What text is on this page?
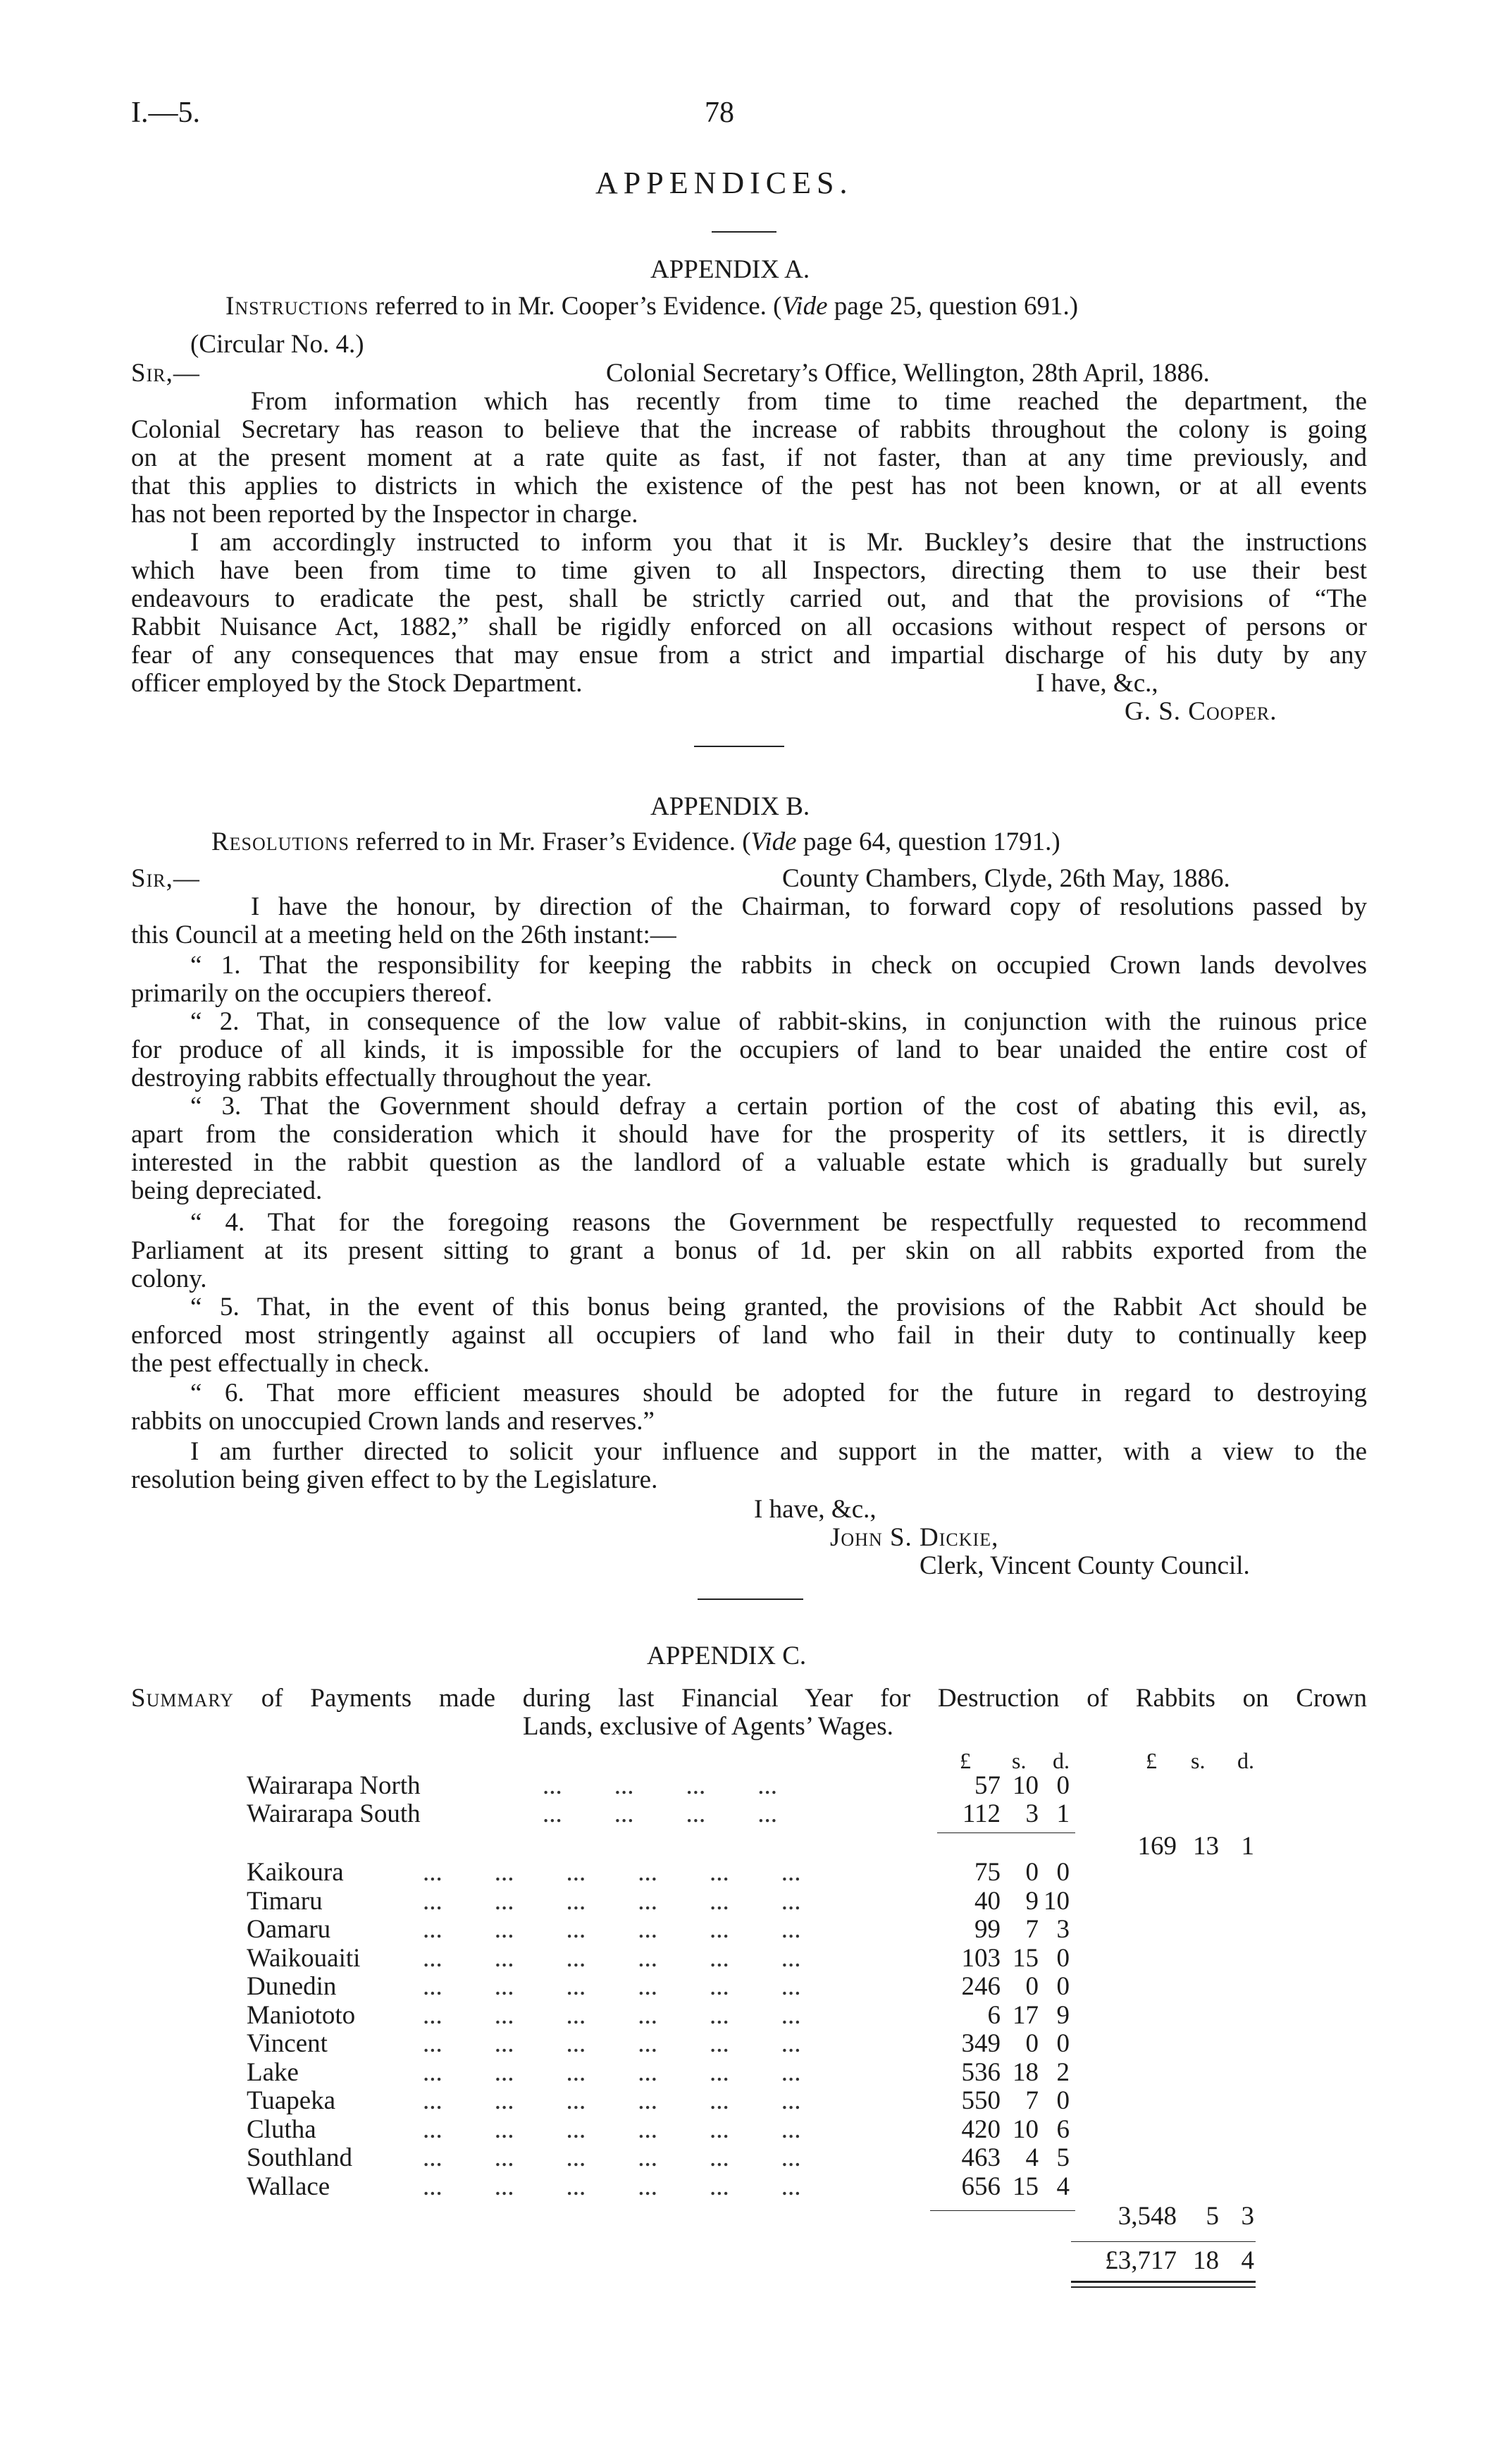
I.—5.	78
APPENDICES.
APPENDIX A.
Instructions referred to in Mr. Cooper’s Evidence. (Vide page 25, question 691.)
(Circular No. 4.)
Sir,—	Colonial Secretary’s Office, Wellington, 28th April, 1886.
From information which has recently from time to time reached the department, the
Colonial Secretary has reason to believe that the increase of rabbits throughout the colony is going
on at the present moment at a rate quite as fast, if not faster, than at any time previously, and
that this applies to districts in which the existence of the pest has not been known, or at all events
has not been reported by the Inspector in charge.
I am accordingly instructed to inform you that it is Mr. Buckley’s desire that the instructions
which have been from time to time given to all Inspectors, directing them to use their best
endeavours to eradicate the pest, shall be strictly carried out, and that the provisions of “The
Rabbit Nuisance Act, 1882,” shall be rigidly enforced on all occasions without respect of persons or
fear of any consequences that may ensue from a strict and impartial discharge of his duty by any
officer employed by the Stock Department.	I have, &c.,
G. S. Cooper.
APPENDIX B.
Resolutions referred to in Mr. Fraser’s Evidence. (Vide page 64, question 1791.)
Sir,—	County Chambers, Clyde, 26th May, 1886.
I have the honour, by direction of the Chairman, to forward copy of resolutions passed by
this Council at a meeting held on the 26th instant:—
“ 1. That the responsibility for keeping the rabbits in check on occupied Crown lands devolves
primarily on the occupiers thereof.
“ 2. That, in consequence of the low value of rabbit-skins, in conjunction with the ruinous price
for produce of all kinds, it is impossible for the occupiers of land to bear unaided the entire cost of
destroying rabbits effectually throughout the year.
“ 3. That the Government should defray a certain portion of the cost of abating this evil, as,
apart from the consideration which it should have for the prosperity of its settlers, it is directly
interested in the rabbit question as the landlord of a valuable estate which is gradually but surely
being depreciated.
“ 4. That for the foregoing reasons the Government be respectfully requested to recommend
Parliament at its present sitting to grant a bonus of 1d. per skin on all rabbits exported from the
colony.
“ 5. That, in the event of this bonus being granted, the provisions of the Rabbit Act should be
enforced most stringently against all occupiers of land who fail in their duty to continually keep
the pest effectually in check.
“ 6. That more efficient measures should be adopted for the future in regard to destroying
rabbits on unoccupied Crown lands and reserves.”
I am further directed to solicit your influence and support in the matter, with a view to the
resolution being given effect to by the Legislature.
I have, &c.,
John S. Dickie,
Clerk, Vincent County Council.
APPENDIX C.
Summary of Payments made during last Financial Year for Destruction of Rabbits on Crown
Lands, exclusive of Agents’ Wages.
£ s. d.	£ s. d.
Wairarapa North	...        ...        ...        ...	57 10 0
Wairarapa South	...        ...        ...        ...	112 3 1
Kaikoura	...        ...        ...        ...        ...        ...	75 0 0
Timaru	...        ...        ...        ...        ...        ...	40 9 10
Oamaru	...        ...        ...        ...        ...        ...	99 7 3
Waikouaiti ...        ...        ...        ...        ...        ...	103 15 0
Dunedin	...        ...        ...        ...        ...        ...	246 0 0
Maniototo	...        ...        ...        ...        ...        ...	6 17 9
Vincent	...        ...        ...        ...        ...        ...	349 0 0
Lake	...        ...        ...        ...        ...        ...	536 18 2
Tuapeka	...        ...        ...        ...        ...        ...	550 7 0
Clutha	...        ...        ...        ...        ...        ...	420 10 6
Southland	...        ...        ...        ...        ...        ...	463 4 5
Wallace	...        ...        ...        ...        ...        ...	656 15 4
169 13 1
3,548	5 3
£3,717 18 4
